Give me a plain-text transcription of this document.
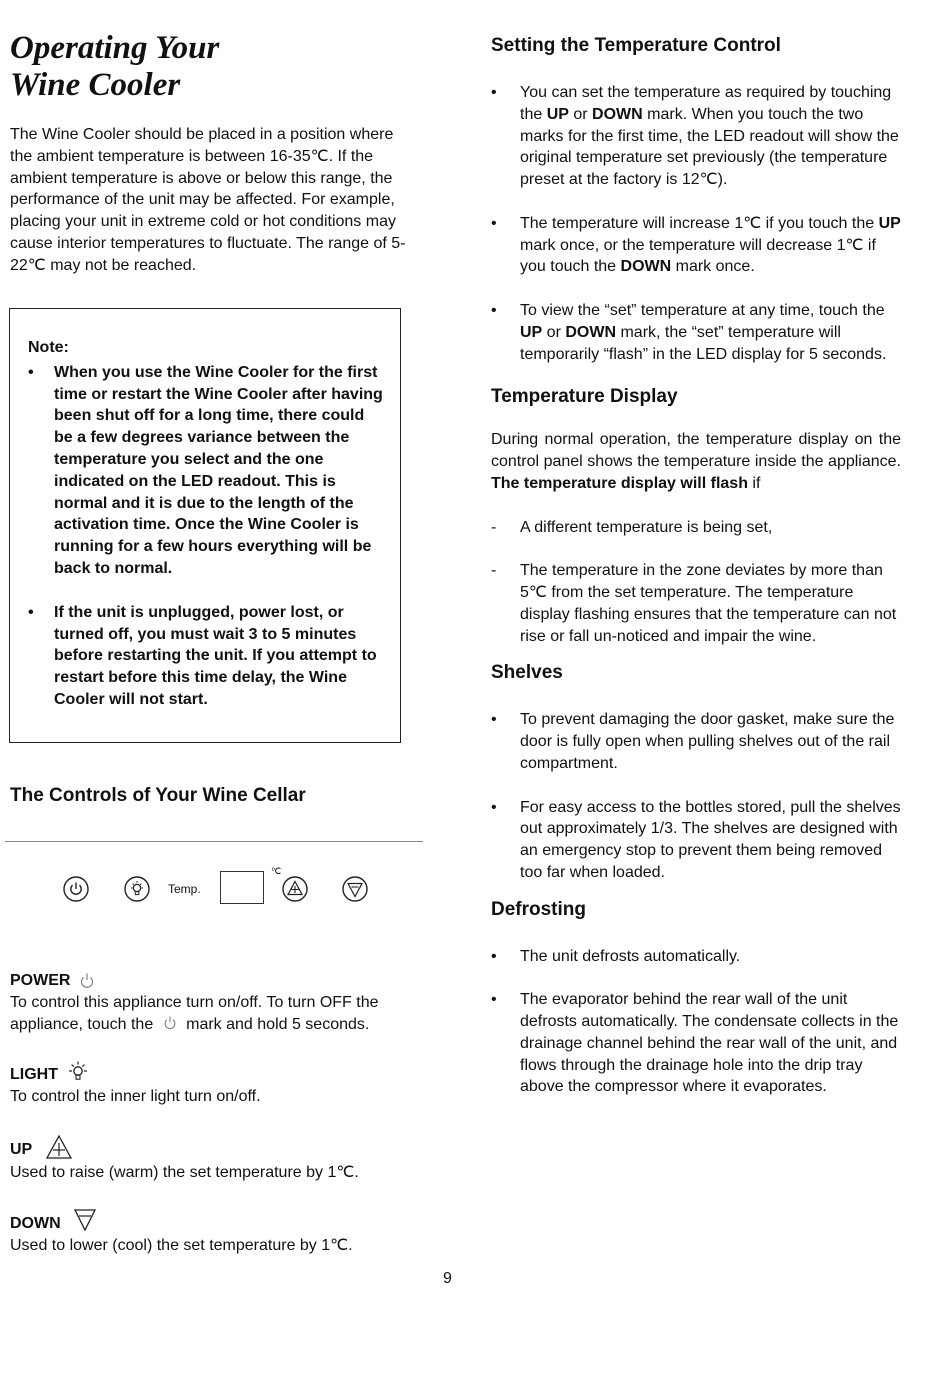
Operating Your
Wine Cooler

The Wine Cooler should be placed in a position where the ambient temperature is between 16-35℃. If the ambient temperature is above or below this range, the performance of the unit may be affected. For example, placing your unit in extreme cold or hot conditions may cause interior temperatures to fluctuate. The range of 5-22℃ may not be reached.

Note:
• When you use the Wine Cooler for the first time or restart the Wine Cooler after having been shut off for a long time, there could be a few degrees variance between the temperature you select and the one indicated on the LED readout. This is normal and it is due to the length of the activation time. Once the Wine Cooler is running for a few hours everything will be back to normal.
• If the unit is unplugged, power lost, or turned off, you must wait 3 to 5 minutes before restarting the unit. If you attempt to restart before this time delay, the Wine Cooler will not start.
The Controls of Your Wine Cellar
Temp.
℃
POWER

To control this appliance turn on/off. To turn OFF the appliance, touch the mark and hold 5 seconds.

LIGHT

To control the inner light turn on/off.

UP

Used to raise (warm) the set temperature by 1℃.

DOWN

Used to lower (cool) the set temperature by 1℃.

Setting the Temperature Control
• You can set the temperature as required by touching the UP or DOWN mark. When you touch the two marks for the first time, the LED readout will show the original temperature set previously (the temperature preset at the factory is 12℃).
• The temperature will increase 1℃ if you touch the UP mark once, or the temperature will decrease 1℃ if you touch the DOWN mark once.
• To view the “set” temperature at any time, touch the UP or DOWN mark, the “set” temperature will temporarily “flash” in the LED display for 5 seconds.
Temperature Display

During normal operation, the temperature display on the control panel shows the temperature inside the appliance. The temperature display will flash if

- A different temperature is being set,
- The temperature in the zone deviates by more than 5℃ from the set temperature. The temperature display flashing ensures that the temperature can not rise or fall un-noticed and impair the wine.
Shelves
• To prevent damaging the door gasket, make sure the door is fully open when pulling shelves out of the rail compartment.
• For easy access to the bottles stored, pull the shelves out approximately 1/3. The shelves are designed with an emergency stop to prevent them being removed too far when loaded.
Defrosting
• The unit defrosts automatically.
• The evaporator behind the rear wall of the unit defrosts automatically. The condensate collects in the drainage channel behind the rear wall of the unit, and flows through the drainage hole into the drip tray above the compressor where it evaporates.
9
